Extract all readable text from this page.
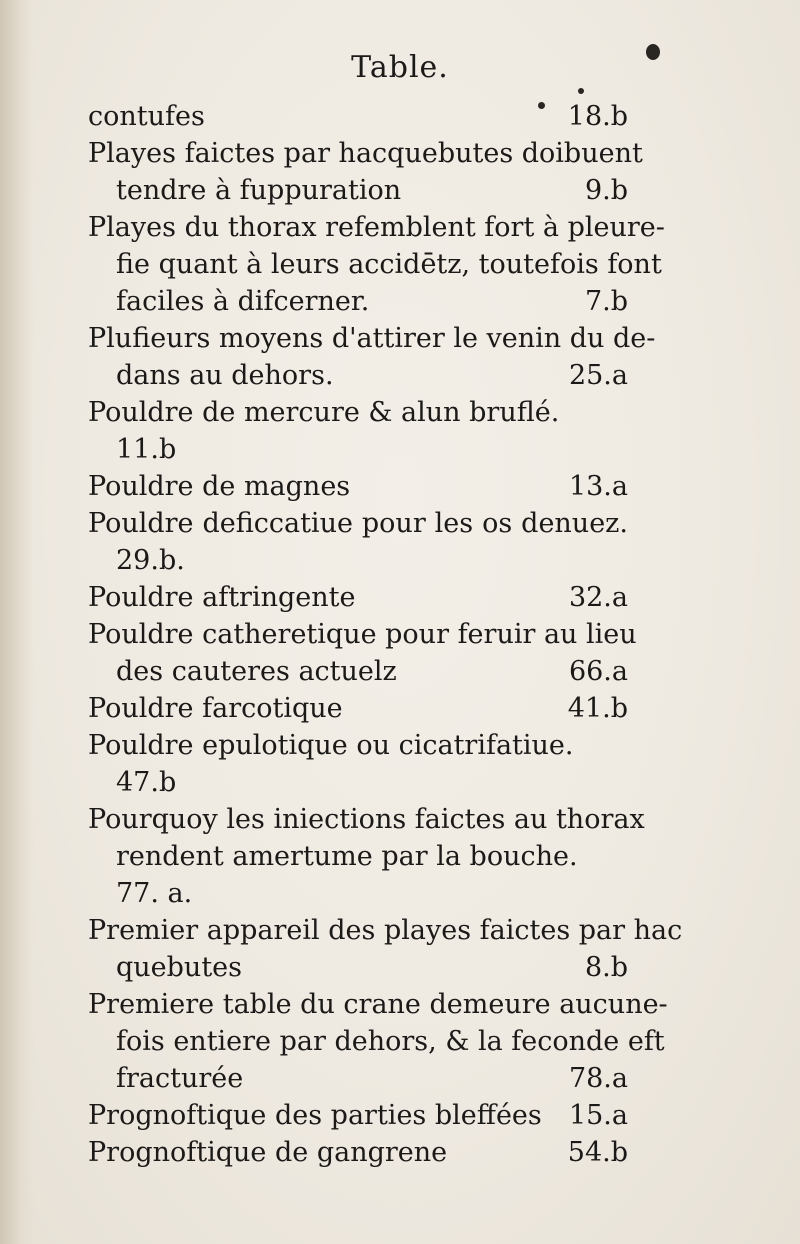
Table.
contufes	18.b
Playes faictes par hacquebutes doibuent
tendre à fuppuration	9.b
Playes du thorax refemblent fort à pleure-
fie quant à leurs accidētz, toutefois font
faciles à difcerner.	7.b
Plufieurs moyens d'attirer le venin du de-
dans au dehors.	25.a
Pouldre de mercure & alun bruflé.
11.b
Pouldre de magnes	13.a
Pouldre deficcatiue pour les os denuez.
29.b.
Pouldre aftringente	32.a
Pouldre catheretique pour feruir au lieu
des cauteres actuelz	66.a
Pouldre farcotique	41.b
Pouldre epulotique ou cicatrifatiue.
47.b
Pourquoy les iniections faictes au thorax
rendent amertume par la bouche.
77. a.
Premier appareil des playes faictes par hac
quebutes	8.b
Premiere table du crane demeure aucune-
fois entiere par dehors, & la feconde eft
fracturée	78.a
Prognoftique des parties bleffées 15.a
Prognoftique de gangrene	54.b
